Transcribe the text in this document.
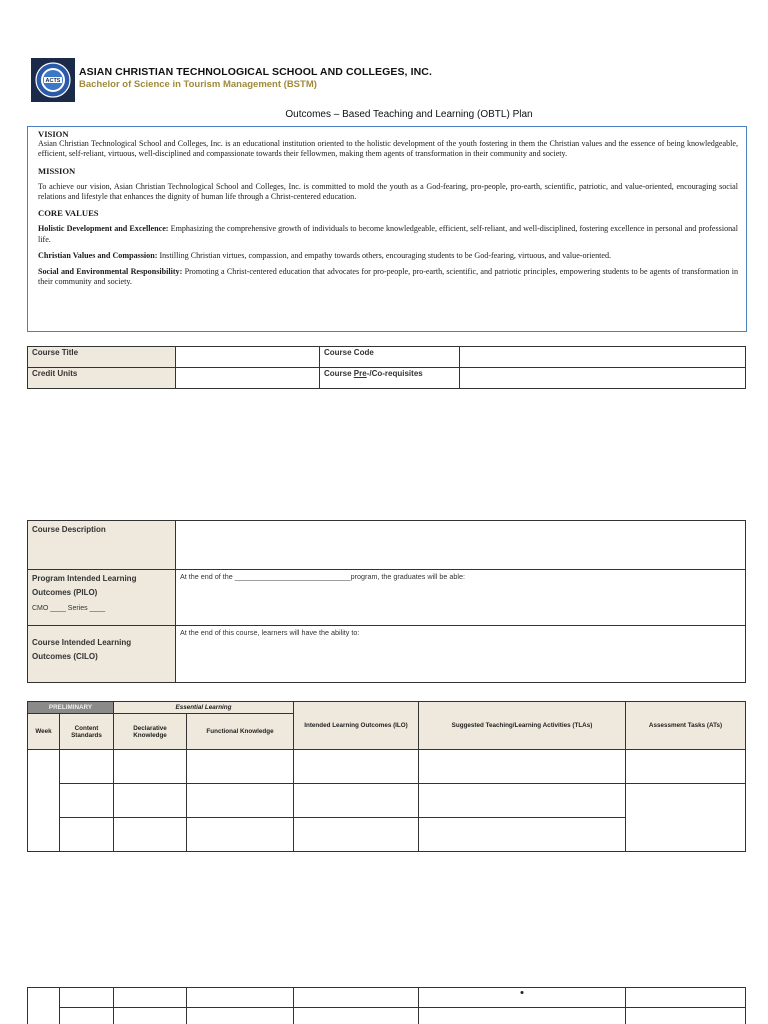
ACTS
ASIAN CHRISTIAN TECHNOLOGICAL SCHOOL AND COLLEGES, INC.
Bachelor of Science in Tourism Management (BSTM)
Outcomes – Based Teaching and Learning (OBTL) Plan
VISION

Asian Christian Technological School and Colleges, Inc. is an educational institution oriented to the holistic development of the youth fostering in them the Christian values and the essence of being knowledgeable, efficient, self-reliant, virtuous, well-disciplined and compassionate towards their fellowmen, making them agents of transformation in their community and society.

MISSION

To achieve our vision, Asian Christian Technological School and Colleges, Inc. is committed to mold the youth as a God-fearing, pro-people, pro-earth, scientific, patriotic, and value-oriented, encouraging social relations and lifestyle that enhances the dignity of human life through a Christ-centered education.

CORE VALUES

Holistic Development and Excellence: Emphasizing the comprehensive growth of individuals to become knowledgeable, efficient, self-reliant, and well-disciplined, fostering excellence in personal and professional life.

Christian Values and Compassion: Instilling Christian virtues, compassion, and empathy towards others, encouraging students to be God-fearing, virtuous, and value-oriented.

Social and Environmental Responsibility: Promoting a Christ-centered education that advocates for pro-people, pro-earth, scientific, and patriotic principles, empowering students to be agents of transformation in their community and society.

Course Title		Course Code	
Credit Units		Course Pre-/Co-requisites	
Course Description	

Program Intended Learning Outcomes (PILO)
CMO ____ Series ____	At the end of the _____________________________program, the graduates will be able:
Course Intended Learning Outcomes (CILO)	At the end of this course, learners will have the ability to:
PRELIMINARY		Essential Learning		Intended Learning Outcomes (ILO)	Suggested Teaching/Learning Activities (TLAs)	Assessment Tasks (ATs)
Week	Content Standards	Declarative Knowledge	Functional Knowledge			
